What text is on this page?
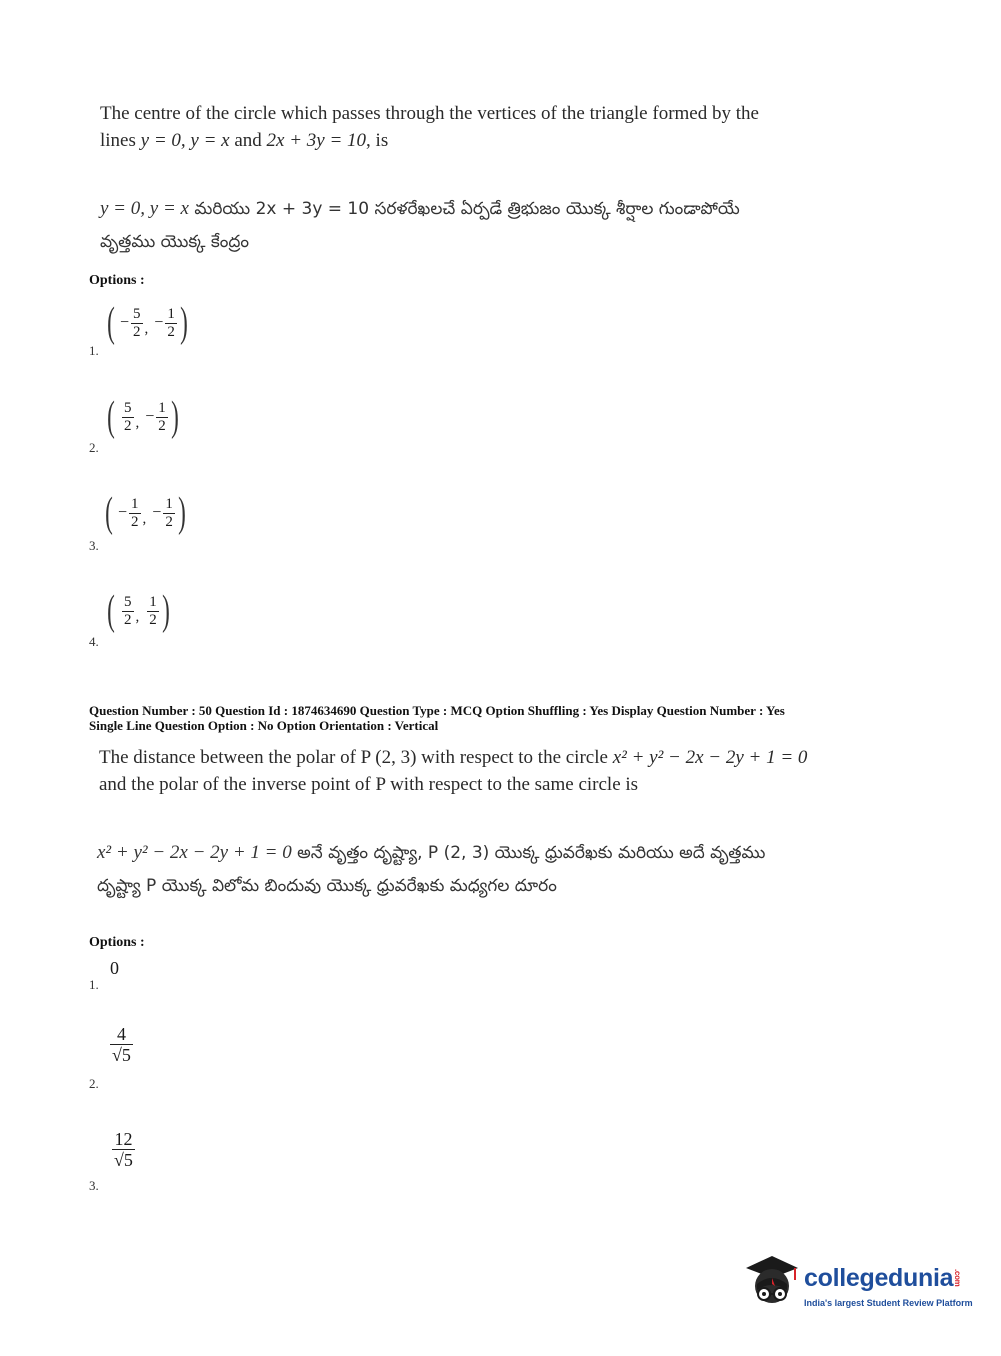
The centre of the circle which passes through the vertices of the triangle formed by the
lines y = 0, y = x and 2x + 3y = 10, is
y = 0, y = x మరియు 2x + 3y = 10 సరళరేఖలచే ఏర్పడే త్రిభుజం యొక్క శీర్షాల గుండాపోయే
వృత్తము యొక్క కేంద్రం
Options :
1.
( − $\frac{5}{2}$ , − $\frac{1}{2}$ )
2.
( $\frac{5}{2}$ , − $\frac{1}{2}$ )
3.
( − $\frac{1}{2}$ , − $\frac{1}{2}$ )
4.
( $\frac{5}{2}$ , $\frac{1}{2}$ )
Question Number : 50 Question Id : 1874634690 Question Type : MCQ Option Shuffling : Yes Display Question Number : Yes
Single Line Question Option : No Option Orientation : Vertical
The distance between the polar of P (2, 3) with respect to the circle x² + y² − 2x − 2y + 1 = 0
and the polar of the inverse point of P with respect to the same circle is
x² + y² − 2x − 2y + 1 = 0 అనే వృత్తం దృష్ట్యా, P (2, 3) యొక్క ధ్రువరేఖకు మరియు అదే వృత్తము
దృష్ట్యా P యొక్క విలోమ బిందువు యొక్క ధ్రువరేఖకు మధ్యగల దూరం
Options :
1.
0
2.
$\frac{4}{√5}$
3.
$\frac{12}{√5}$
collegedunia.com
India's largest Student Review Platform
